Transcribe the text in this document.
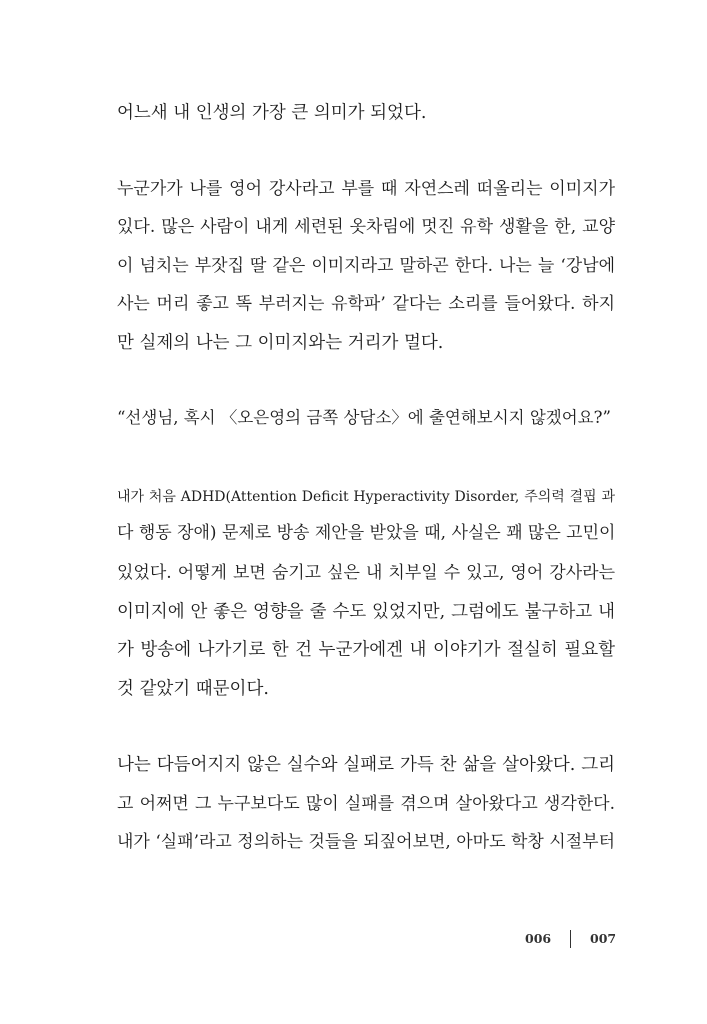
어느새 내 인생의 가장 큰 의미가 되었다.
누군가가 나를 영어 강사라고 부를 때 자연스레 떠올리는 이미지가
있다. 많은 사람이 내게 세련된 옷차림에 멋진 유학 생활을 한, 교양
이 넘치는 부잣집 딸 같은 이미지라고 말하곤 한다. 나는 늘 ‘강남에
사는 머리 좋고 똑 부러지는 유학파’ 같다는 소리를 들어왔다. 하지
만 실제의 나는 그 이미지와는 거리가 멀다.
“선생님, 혹시 〈오은영의 금쪽 상담소〉에 출연해보시지 않겠어요?”
내가 처음 ADHD(Attention Deficit Hyperactivity Disorder, 주의력 결핍 과
다 행동 장애) 문제로 방송 제안을 받았을 때, 사실은 꽤 많은 고민이
있었다. 어떻게 보면 숨기고 싶은 내 치부일 수 있고, 영어 강사라는
이미지에 안 좋은 영향을 줄 수도 있었지만, 그럼에도 불구하고 내
가 방송에 나가기로 한 건 누군가에겐 내 이야기가 절실히 필요할
것 같았기 때문이다.
나는 다듬어지지 않은 실수와 실패로 가득 찬 삶을 살아왔다. 그리
고 어쩌면 그 누구보다도 많이 실패를 겪으며 살아왔다고 생각한다.
내가 ‘실패’라고 정의하는 것들을 되짚어보면, 아마도 학창 시절부터
006	007
